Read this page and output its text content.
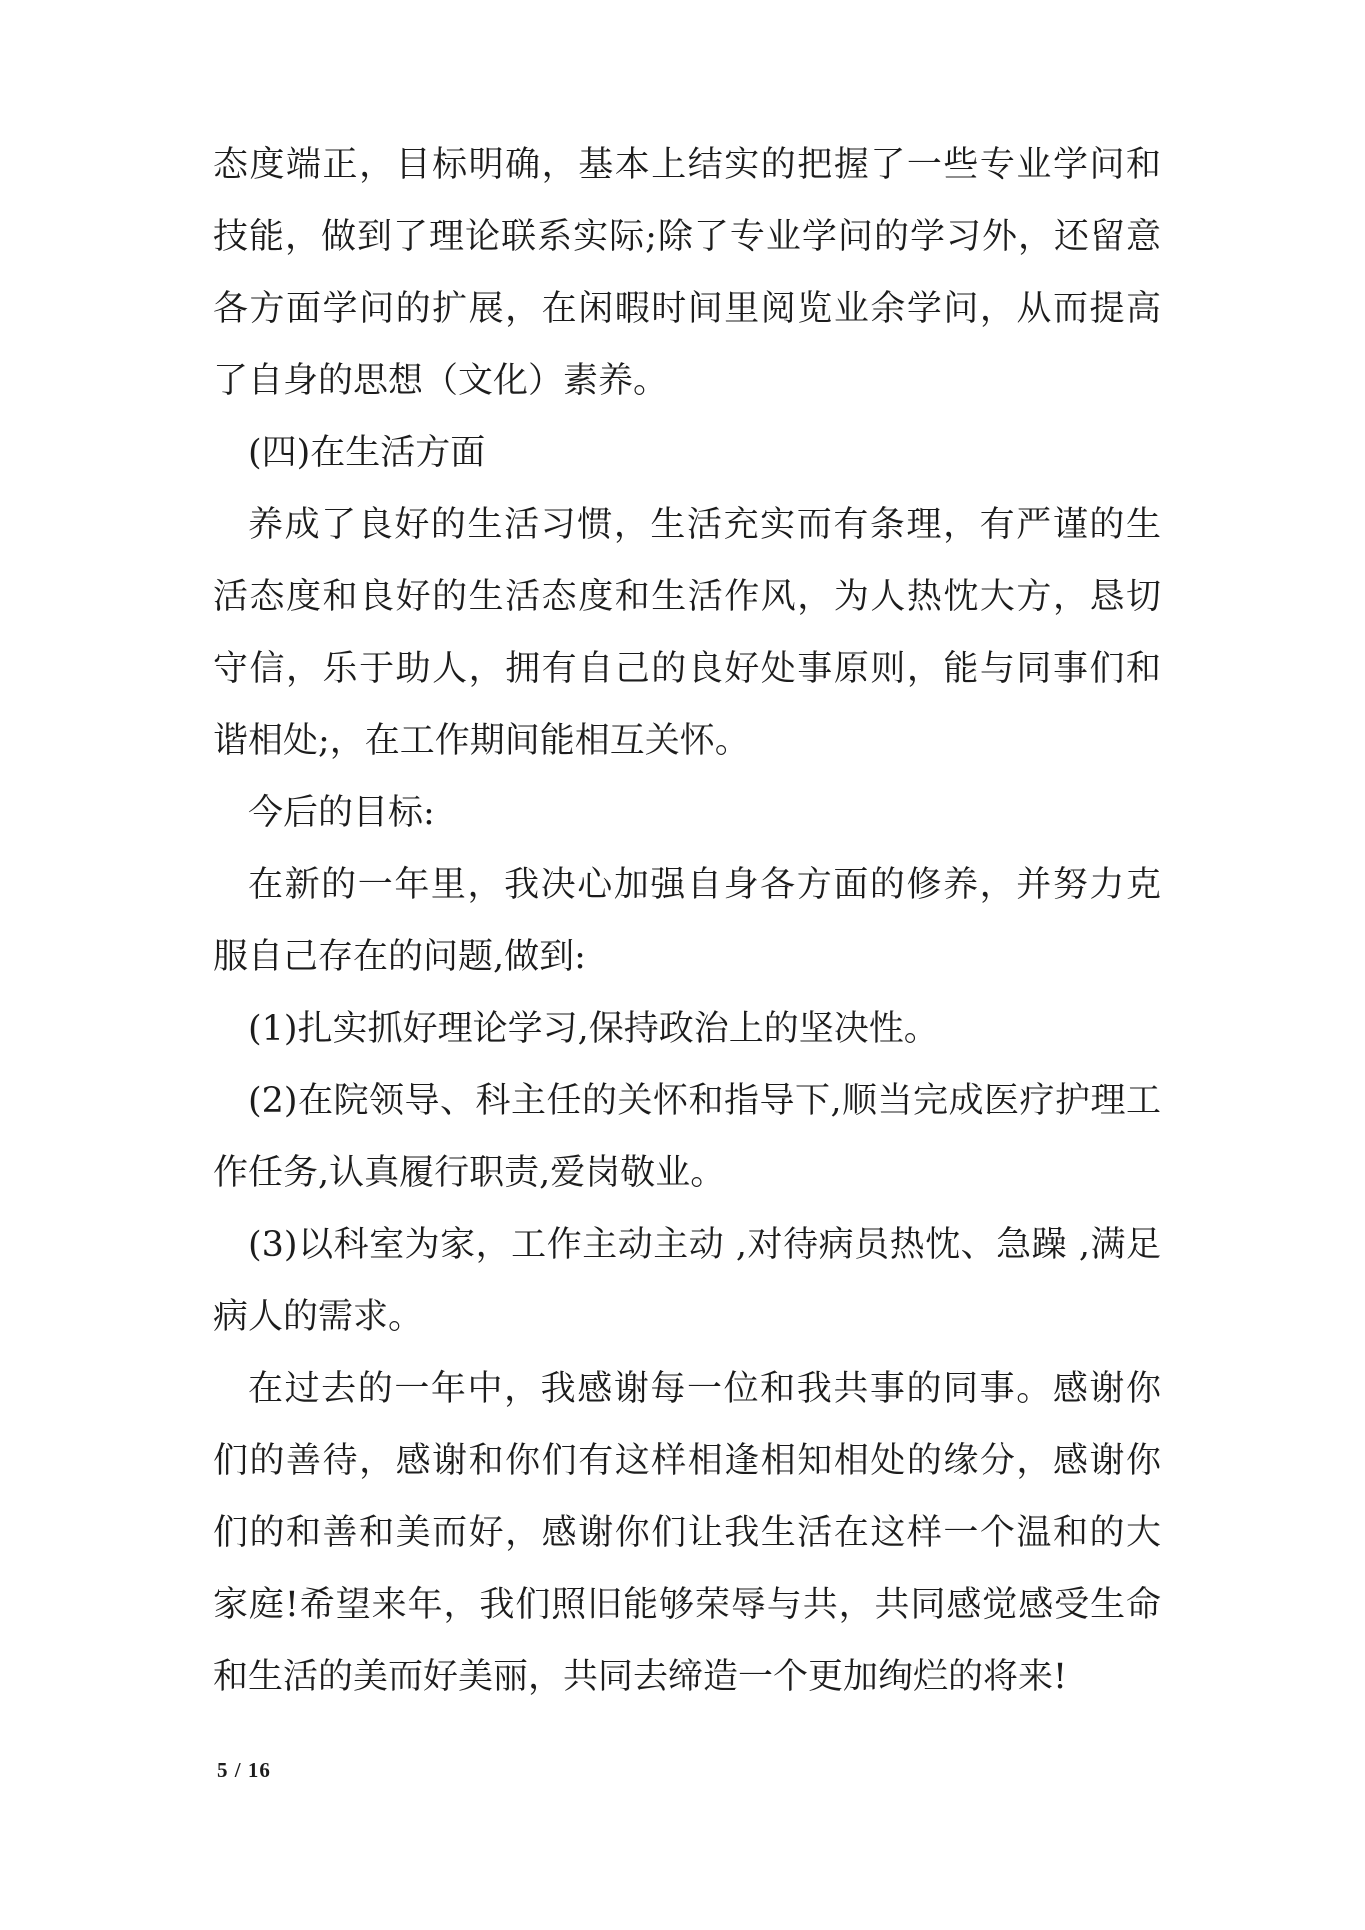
态度端正，目标明确，基本上结实的把握了一些专业学问和
技能，做到了理论联系实际;除了专业学问的学习外，还留意
各方面学问的扩展，在闲暇时间里阅览业余学问，从而提高
了自身的思想（文化）素养。
(四)在生活方面
养成了良好的生活习惯，生活充实而有条理，有严谨的生
活态度和良好的生活态度和生活作风，为人热忱大方，恳切
守信，乐于助人，拥有自己的良好处事原则，能与同事们和
谐相处;，在工作期间能相互关怀。
今后的目标:
在新的一年里，我决心加强自身各方面的修养，并努力克
服自己存在的问题,做到:
(1)扎实抓好理论学习,保持政治上的坚决性。
(2)在院领导、科主任的关怀和指导下,顺当完成医疗护理工
作任务,认真履行职责,爱岗敬业。
(3)以科室为家，工作主动主动 ,对待病员热忱、急躁 ,满足
病人的需求。
在过去的一年中，我感谢每一位和我共事的同事。感谢你
们的善待，感谢和你们有这样相逢相知相处的缘分，感谢你
们的和善和美而好，感谢你们让我生活在这样一个温和的大
家庭!希望来年，我们照旧能够荣辱与共，共同感觉感受生命
和生活的美而好美丽，共同去缔造一个更加绚烂的将来!
5 / 16
